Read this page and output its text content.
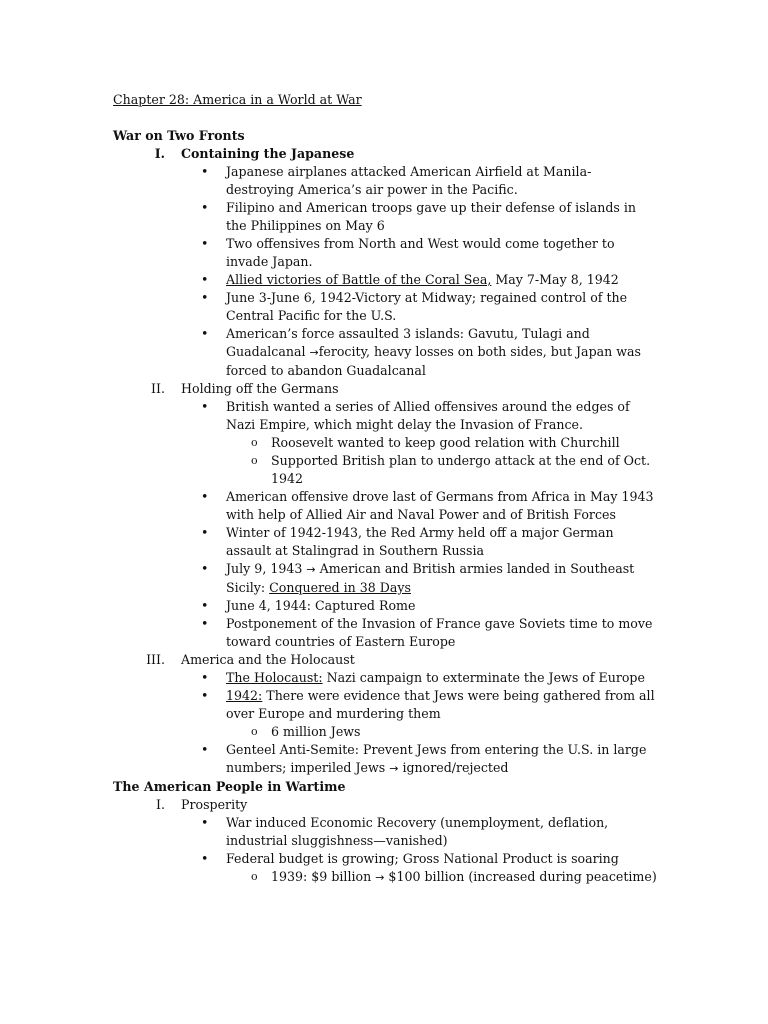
Chapter 28: America in a World at War
War on Two Fronts
I.	Containing the Japanese
• Japanese airplanes attacked American Airfield at Manila- destroying America’s air power in the Pacific.
• Filipino and American troops gave up their defense of islands in the Philippines on May 6
• Two offensives from North and West would come together to invade Japan.
• Allied victories of Battle of the Coral Sea, May 7-May 8, 1942
• June 3-June 6, 1942-Victory at Midway; regained control of the Central Pacific for the U.S.
• American’s force assaulted 3 islands: Gavutu, Tulagi and Guadalcanal →ferocity, heavy losses on both sides, but Japan was forced to abandon Guadalcanal
II.	Holding off the Germans
• British wanted a series of Allied offensives around the edges of Nazi Empire, which might delay the Invasion of France.
o Roosevelt wanted to keep good relation with Churchill
o Supported British plan to undergo attack at the end of Oct. 1942
• American offensive drove last of Germans from Africa in May 1943 with help of Allied Air and Naval Power and of British Forces
• Winter of 1942-1943, the Red Army held off a major German assault at Stalingrad in Southern Russia
• July 9, 1943 → American and British armies landed in Southeast Sicily: Conquered in 38 Days
• June 4, 1944: Captured Rome
• Postponement of the Invasion of France gave Soviets time to move toward countries of Eastern Europe
III.	America and the Holocaust
• The Holocaust: Nazi campaign to exterminate the Jews of Europe
• 1942: There were evidence that Jews were being gathered from all over Europe and murdering them
o 6 million Jews
• Genteel Anti-Semite: Prevent Jews from entering the U.S. in large numbers; imperiled Jews → ignored/rejected
The American People in Wartime
I.	Prosperity
• War induced Economic Recovery (unemployment, deflation, industrial sluggishness—vanished)
• Federal budget is growing; Gross National Product is soaring
o 1939: $9 billion → $100 billion (increased during peacetime)
